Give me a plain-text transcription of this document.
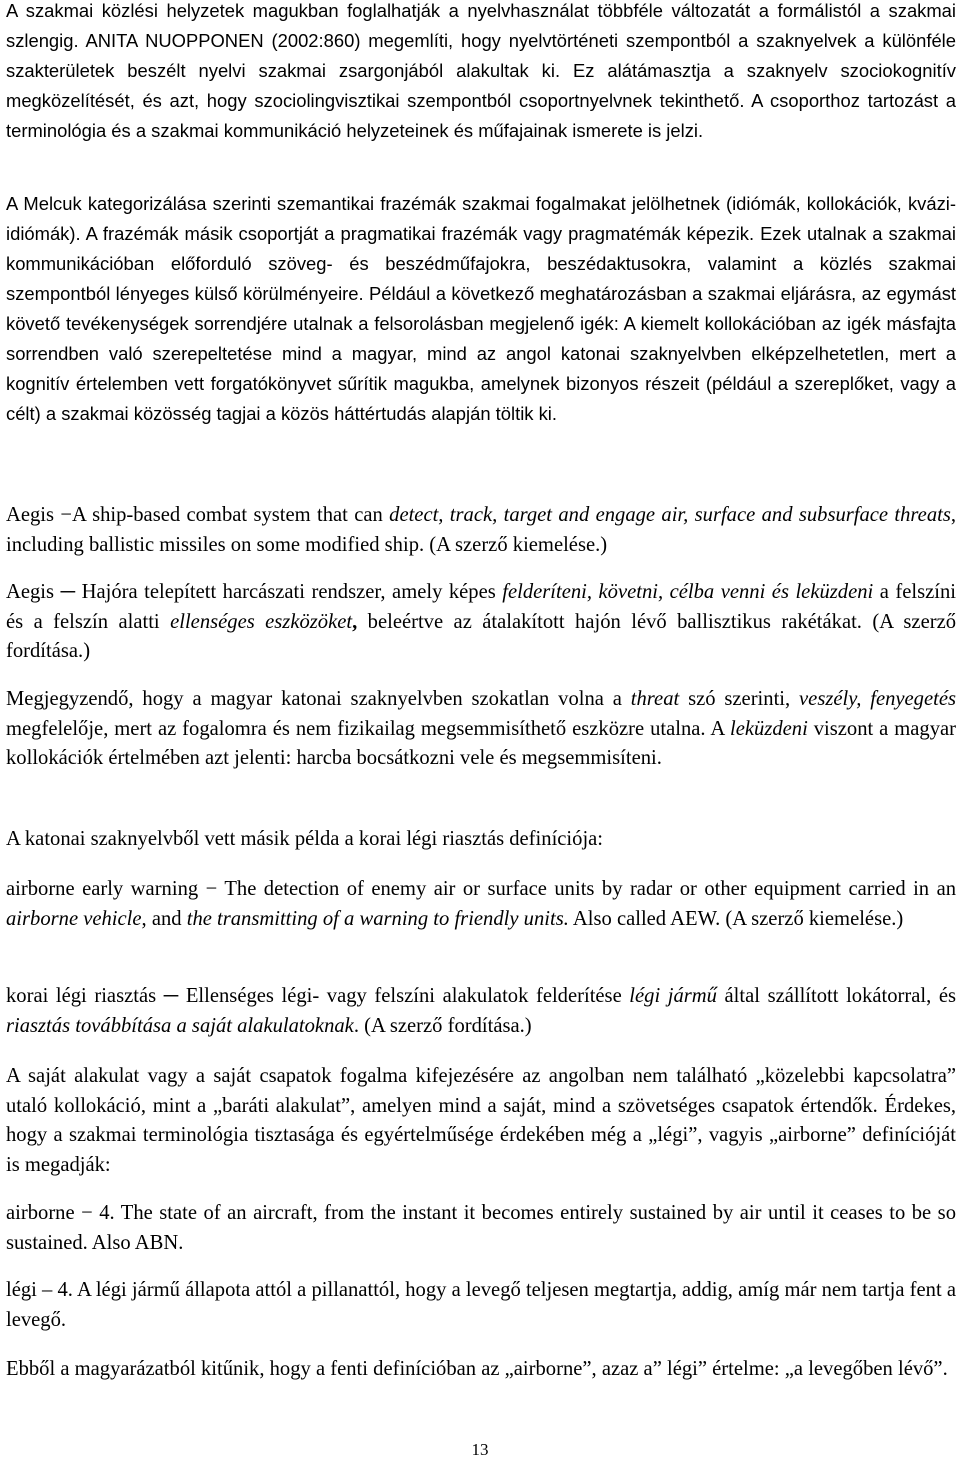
A szakmai közlési helyzetek magukban foglalhatják a nyelvhasználat többféle változatát a formálistól a szakmai szlengig. ANITA NUOPPONEN (2002:860) megemlíti, hogy nyelvtörténeti szempontból a szaknyelvek a különféle szakterületek beszélt nyelvi szakmai zsargonjából alakultak ki. Ez alátámasztja a szaknyelv szociokognitív megközelítését, és azt, hogy szociolingvisztikai szempontból csoportnyelvnek tekinthető. A csoporthoz tartozást a terminológia és a szakmai kommunikáció helyzeteinek és műfajainak ismerete is jelzi.

A Melcuk kategorizálása szerinti szemantikai frazémák szakmai fogalmakat jelölhetnek (idiómák, kollokációk, kvázi-idiómák). A frazémák másik csoportját a pragmatikai frazémák vagy pragmatémák képezik. Ezek utalnak a szakmai kommunikációban előforduló szöveg- és beszédműfajokra, beszédaktusokra, valamint a közlés szakmai szempontból lényeges külső körülményeire. Például a következő meghatározásban a szakmai eljárásra, az egymást követő tevékenységek sorrendjére utalnak a felsorolásban megjelenő igék: A kiemelt kollokációban az igék másfajta sorrendben való szerepeltetése mind a magyar, mind az angol katonai szaknyelvben elképzelhetetlen, mert a kognitív értelemben vett forgatókönyvet sűrítik magukba, amelynek bizonyos részeit (például a szereplőket, vagy a célt) a szakmai közösség tagjai a közös háttértudás alapján töltik ki.

Aegis −A ship-based combat system that can detect, track, target and engage air, surface and subsurface threats, including ballistic missiles on some modified ship. (A szerző kiemelése.)

Aegis ─ Hajóra telepített harcászati rendszer, amely képes felderíteni, követni, célba venni és leküzdeni a felszíni és a felszín alatti ellenséges eszközöket, beleértve az átalakított hajón lévő ballisztikus rakétákat. (A szerző fordítása.)

Megjegyzendő, hogy a magyar katonai szaknyelvben szokatlan volna a threat szó szerinti, veszély, fenyegetés megfelelője, mert az fogalomra és nem fizikailag megsemmisíthető eszközre utalna. A leküzdeni viszont a magyar kollokációk értelmében azt jelenti: harcba bocsátkozni vele és megsemmisíteni.

A katonai szaknyelvből vett másik példa a korai légi riasztás definíciója:

airborne early warning − The detection of enemy air or surface units by radar or other equipment carried in an airborne vehicle, and the transmitting of a warning to friendly units. Also called AEW. (A szerző kiemelése.)

korai légi riasztás ─ Ellenséges légi- vagy felszíni alakulatok felderítése légi jármű által szállított lokátorral, és riasztás továbbítása a saját alakulatoknak. (A szerző fordítása.)

A saját alakulat vagy a saját csapatok fogalma kifejezésére az angolban nem található „közelebbi kapcsolatra” utaló kollokáció, mint a „baráti alakulat”, amelyen mind a saját, mind a szövetséges csapatok értendők. Érdekes, hogy a szakmai terminológia tisztasága és egyértelműsége érdekében még a „légi”, vagyis „airborne” definícióját is megadják:

airborne − 4. The state of an aircraft, from the instant it becomes entirely sustained by air until it ceases to be so sustained. Also ABN.

légi – 4. A légi jármű állapota attól a pillanattól, hogy a levegő teljesen megtartja, addig, amíg már nem tartja fent a levegő.

Ebből a magyarázatból kitűnik, hogy a fenti definícióban az „airborne”, azaz a” légi” értelme: „a levegőben lévő”.

13
